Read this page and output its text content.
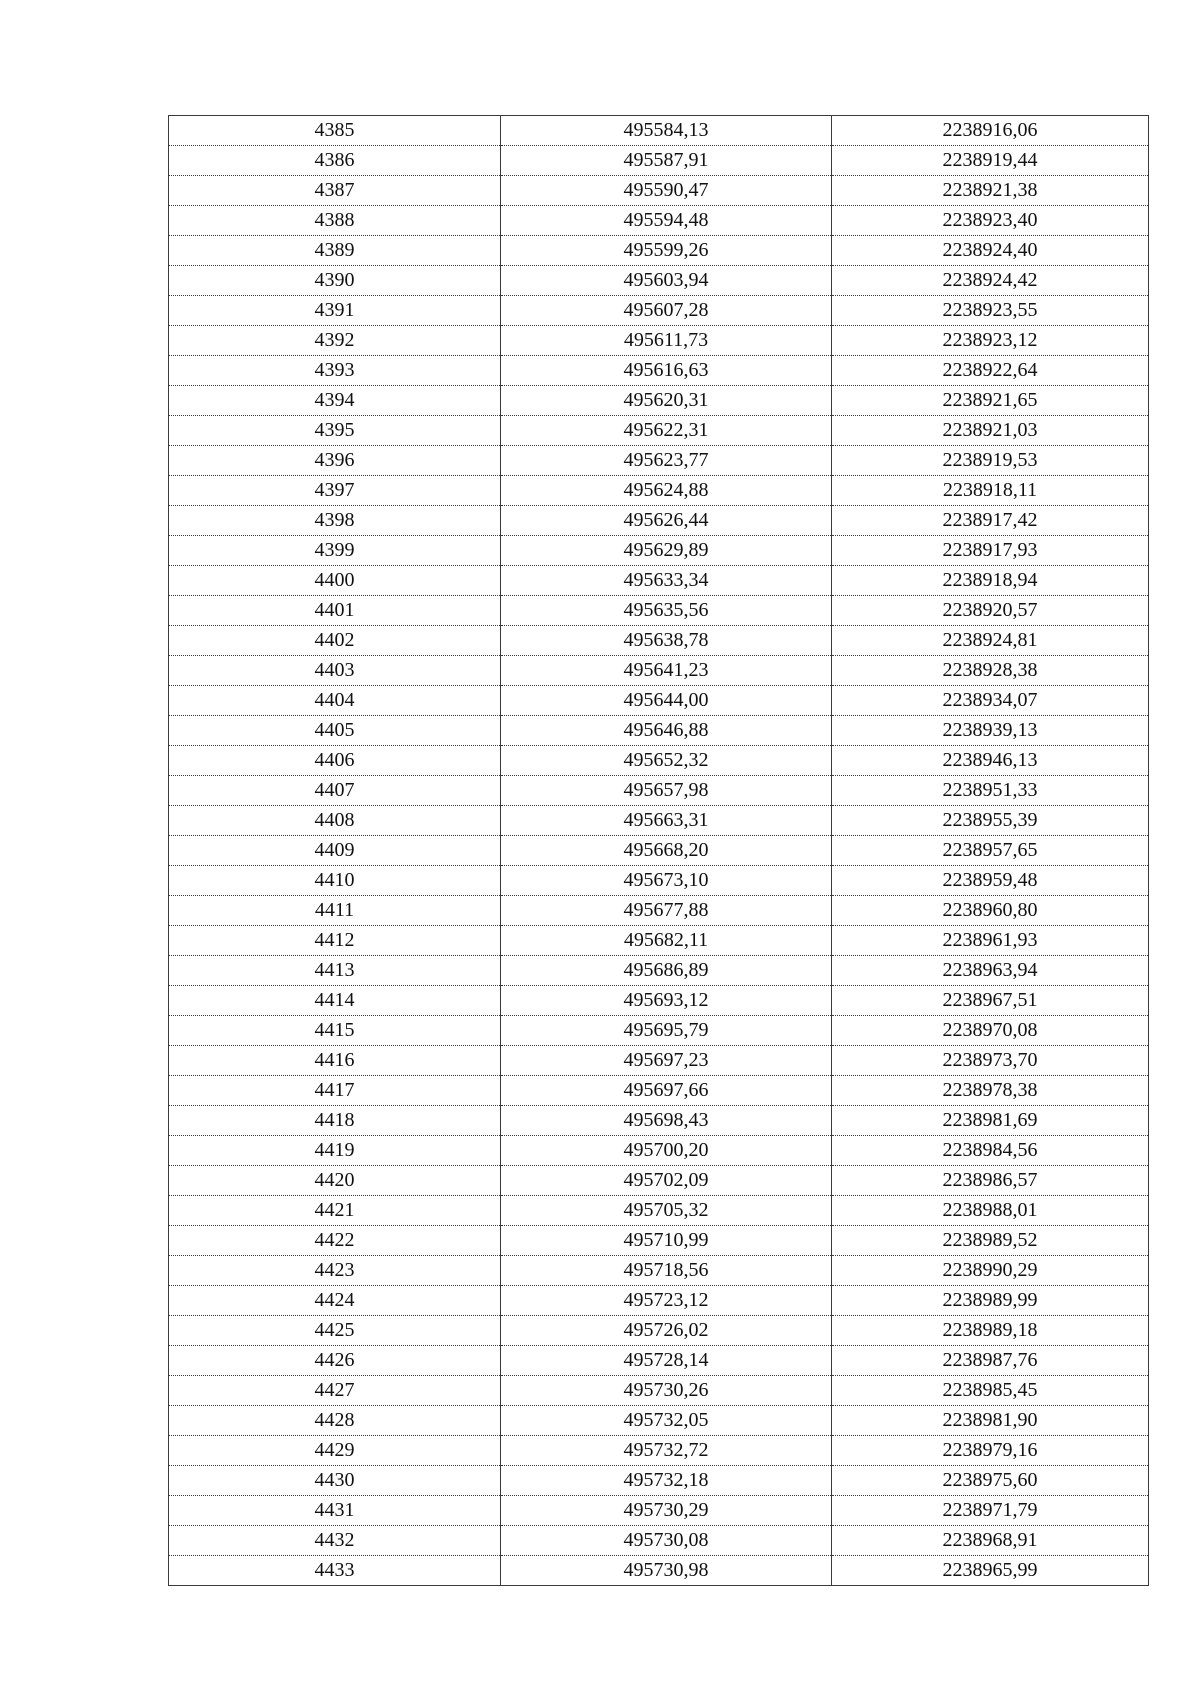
4385	495584,13	2238916,06
4386	495587,91	2238919,44
4387	495590,47	2238921,38
4388	495594,48	2238923,40
4389	495599,26	2238924,40
4390	495603,94	2238924,42
4391	495607,28	2238923,55
4392	495611,73	2238923,12
4393	495616,63	2238922,64
4394	495620,31	2238921,65
4395	495622,31	2238921,03
4396	495623,77	2238919,53
4397	495624,88	2238918,11
4398	495626,44	2238917,42
4399	495629,89	2238917,93
4400	495633,34	2238918,94
4401	495635,56	2238920,57
4402	495638,78	2238924,81
4403	495641,23	2238928,38
4404	495644,00	2238934,07
4405	495646,88	2238939,13
4406	495652,32	2238946,13
4407	495657,98	2238951,33
4408	495663,31	2238955,39
4409	495668,20	2238957,65
4410	495673,10	2238959,48
4411	495677,88	2238960,80
4412	495682,11	2238961,93
4413	495686,89	2238963,94
4414	495693,12	2238967,51
4415	495695,79	2238970,08
4416	495697,23	2238973,70
4417	495697,66	2238978,38
4418	495698,43	2238981,69
4419	495700,20	2238984,56
4420	495702,09	2238986,57
4421	495705,32	2238988,01
4422	495710,99	2238989,52
4423	495718,56	2238990,29
4424	495723,12	2238989,99
4425	495726,02	2238989,18
4426	495728,14	2238987,76
4427	495730,26	2238985,45
4428	495732,05	2238981,90
4429	495732,72	2238979,16
4430	495732,18	2238975,60
4431	495730,29	2238971,79
4432	495730,08	2238968,91
4433	495730,98	2238965,99
